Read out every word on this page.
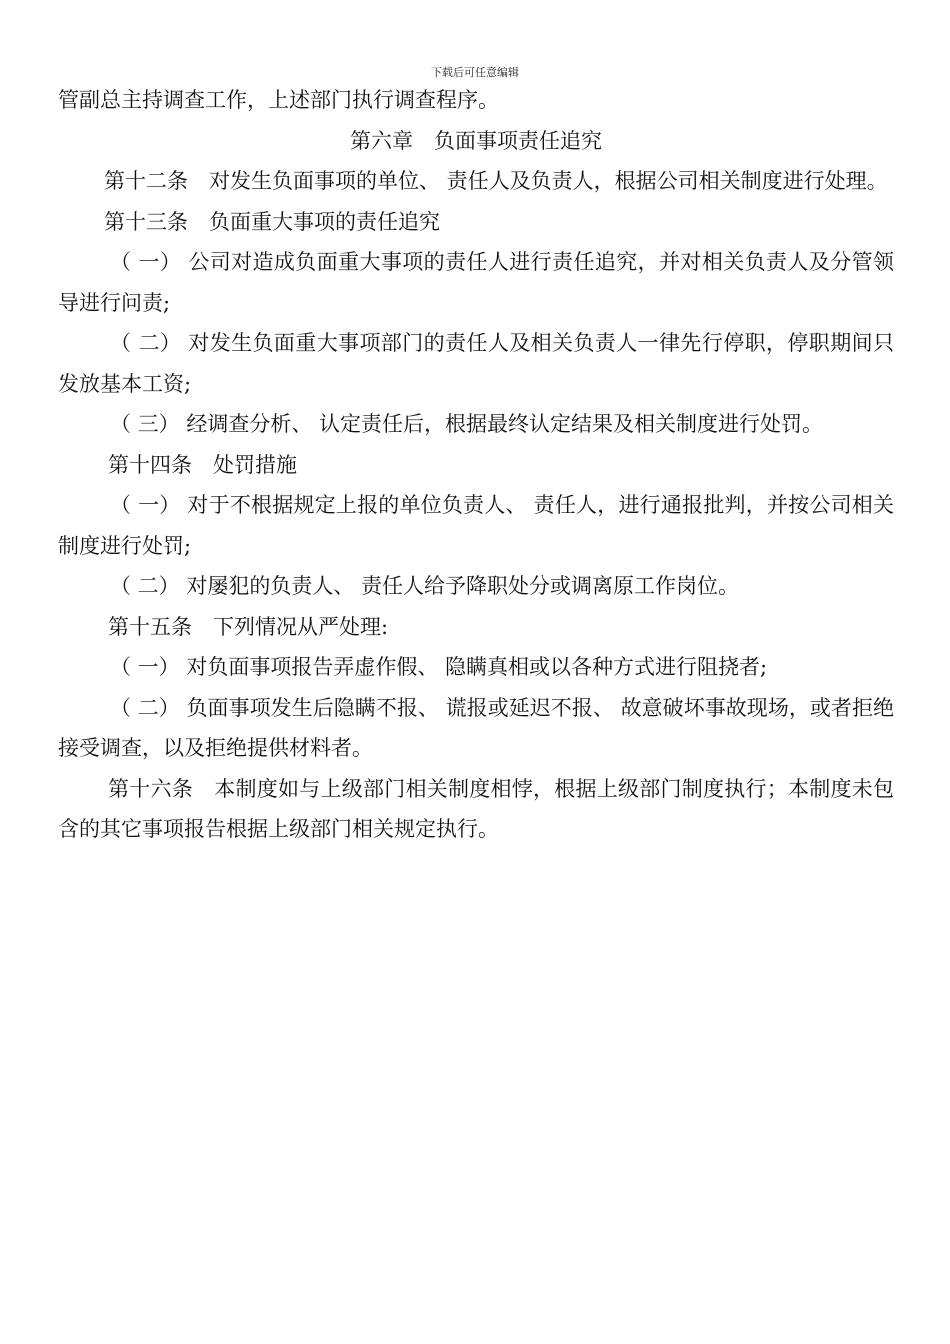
下载后可任意编辑

管副总主持调查工作，上述部门执行调查程序。

第六章　负面事项责任追究

第十二条　对发生负面事项的单位、 责任人及负责人，根据公司相关制度进行处理。

第十三条　负面重大事项的责任追究

（ 一） 公司对造成负面重大事项的责任人进行责任追究，并对相关负责人及分管领导进行问责;

（ 二） 对发生负面重大事项部门的责任人及相关负责人一律先行停职，停职期间只发放基本工资;

（ 三） 经调查分析、 认定责任后，根据最终认定结果及相关制度进行处罚。

第十四条　处罚措施

（ 一） 对于不根据规定上报的单位负责人、 责任人，进行通报批判，并按公司相关制度进行处罚;

（ 二） 对屡犯的负责人、 责任人给予降职处分或调离原工作岗位。

第十五条　下列情况从严处理:

（ 一） 对负面事项报告弄虚作假、 隐瞒真相或以各种方式进行阻挠者;

（ 二） 负面事项发生后隐瞒不报、 谎报或延迟不报、 故意破坏事故现场，或者拒绝接受调查，以及拒绝提供材料者。

第十六条　本制度如与上级部门相关制度相悖，根据上级部门制度执行；本制度未包含的其它事项报告根据上级部门相关规定执行。
